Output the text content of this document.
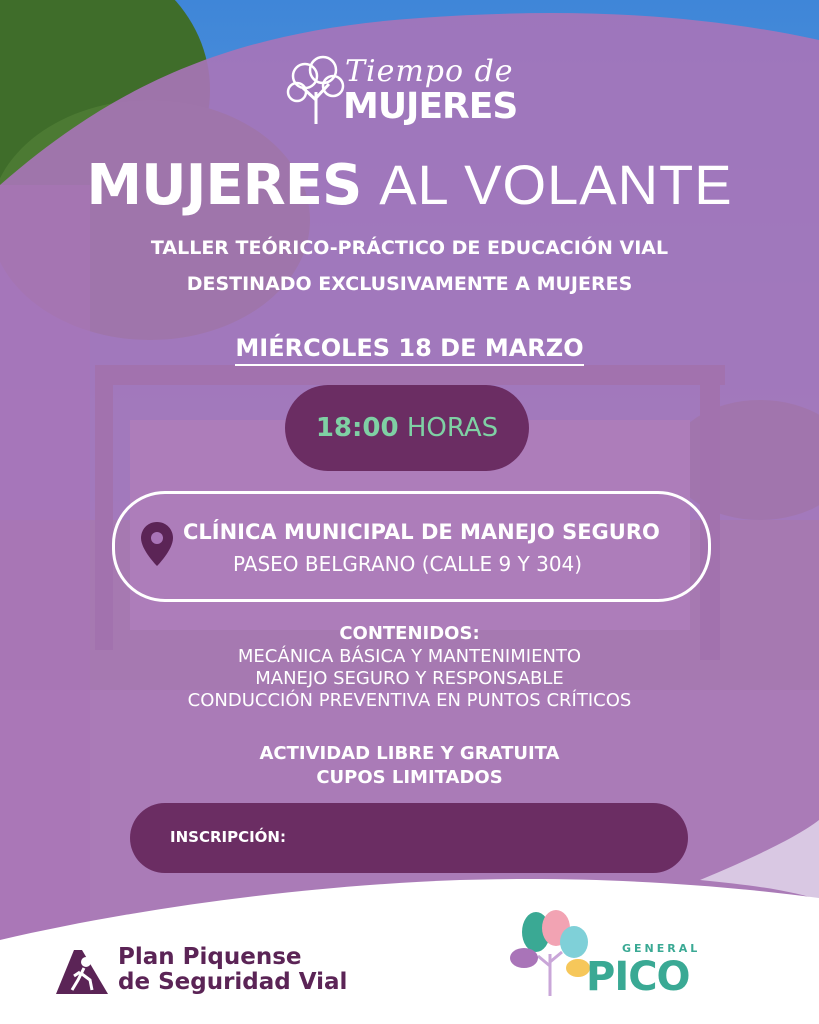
Tiempo de
MUJERES
MUJERES AL VOLANTE
TALLER TEÓRICO-PRÁCTICO DE EDUCACIÓN VIAL
DESTINADO EXCLUSIVAMENTE A MUJERES
MIÉRCOLES 18 DE MARZO
18:00 HORAS
CLÍNICA MUNICIPAL DE MANEJO SEGURO
PASEO BELGRANO (CALLE 9 Y 304)
CONTENIDOS:
MECÁNICA BÁSICA Y MANTENIMIENTO
MANEJO SEGURO Y RESPONSABLE
CONDUCCIÓN PREVENTIVA EN PUNTOS CRÍTICOS
ACTIVIDAD LIBRE Y GRATUITA
CUPOS LIMITADOS
INSCRIPCIÓN:
Plan Piquense
de Seguridad Vial
GENERAL
PICO
